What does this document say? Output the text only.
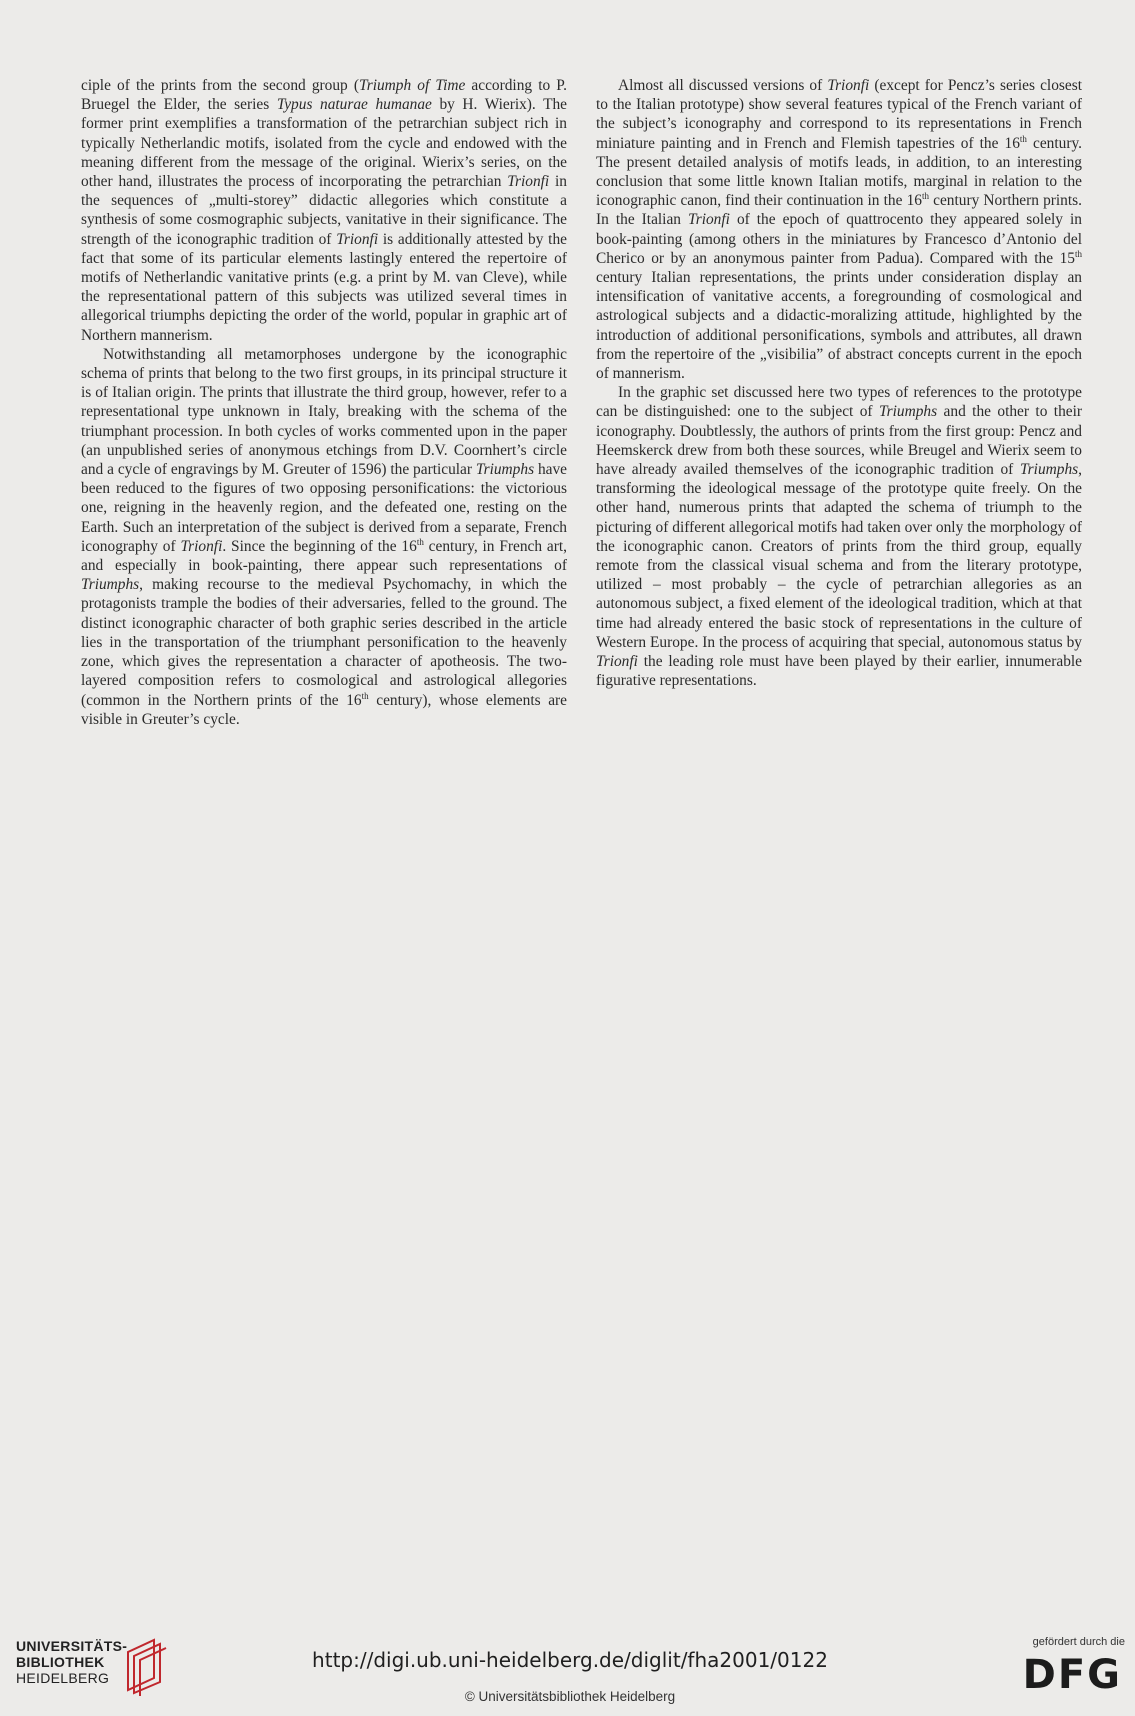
ciple of the prints from the second group (Triumph of Time according to P. Bruegel the Elder, the series Typus naturae humanae by H. Wierix). The former print exemplifies a transformation of the petrarchian subject rich in typically Netherlandic motifs, isolated from the cycle and endowed with the meaning different from the message of the original. Wierix’s series, on the other hand, illustrates the process of incorporating the petrarchian Trionfi in the sequences of „multi-storey” didactic allegories which constitute a synthesis of some cosmographic subjects, vanitative in their significance. The strength of the iconographic tradition of Trionfi is additionally attested by the fact that some of its particular elements lastingly entered the repertoire of motifs of Netherlandic vanitative prints (e.g. a print by M. van Cleve), while the representational pattern of this subjects was utilized several times in allegorical triumphs depicting the order of the world, popular in graphic art of Northern mannerism.

Notwithstanding all metamorphoses undergone by the iconographic schema of prints that belong to the two first groups, in its principal structure it is of Italian origin. The prints that illustrate the third group, however, refer to a representational type unknown in Italy, breaking with the schema of the triumphant procession. In both cycles of works commented upon in the paper (an unpublished series of anonymous etchings from D.V. Coornhert’s circle and a cycle of engravings by M. Greuter of 1596) the particular Triumphs have been reduced to the figures of two opposing personifications: the victorious one, reigning in the heavenly region, and the defeated one, resting on the Earth. Such an interpretation of the subject is derived from a separate, French iconography of Trionfi. Since the beginning of the 16th century, in French art, and especially in book-painting, there appear such representations of Triumphs, making recourse to the medieval Psychomachy, in which the protagonists trample the bodies of their adversaries, felled to the ground. The distinct iconographic character of both graphic series described in the article lies in the transportation of the triumphant personification to the heavenly zone, which gives the representation a character of apotheosis. The two-layered composition refers to cosmological and astrological allegories (common in the Northern prints of the 16th century), whose elements are visible in Greuter’s cycle.

Almost all discussed versions of Trionfi (except for Pencz’s series closest to the Italian prototype) show several features typical of the French variant of the subject’s iconography and correspond to its representations in French miniature painting and in French and Flemish tapestries of the 16th century. The present detailed analysis of motifs leads, in addition, to an interesting conclusion that some little known Italian motifs, marginal in relation to the iconographic canon, find their continuation in the 16th century Northern prints. In the Italian Trionfi of the epoch of quattrocento they appeared solely in book-painting (among others in the miniatures by Francesco d’Antonio del Cherico or by an anonymous painter from Padua). Compared with the 15th century Italian representations, the prints under consideration display an intensification of vanitative accents, a foregrounding of cosmological and astrological subjects and a didactic-moralizing attitude, highlighted by the introduction of additional personifications, symbols and attributes, all drawn from the repertoire of the „visibilia” of abstract concepts current in the epoch of mannerism.

In the graphic set discussed here two types of references to the prototype can be distinguished: one to the subject of Triumphs and the other to their iconography. Doubtlessly, the authors of prints from the first group: Pencz and Heemskerck drew from both these sources, while Breugel and Wierix seem to have already availed themselves of the iconographic tradition of Triumphs, transforming the ideological message of the prototype quite freely. On the other hand, numerous prints that adapted the schema of triumph to the picturing of different allegorical motifs had taken over only the morphology of the iconographic canon. Creators of prints from the third group, equally remote from the classical visual schema and from the literary prototype, utilized – most probably – the cycle of petrarchian allegories as an autonomous subject, a fixed element of the ideological tradition, which at that time had already entered the basic stock of representations in the culture of Western Europe. In the process of acquiring that special, autonomous status by Trionfi the leading role must have been played by their earlier, innumerable figurative representations.

UNIVERSITÄTS-
BIBLIOTHEK
HEIDELBERG
http://digi.ub.uni-heidelberg.de/diglit/fha2001/0122
© Universitätsbibliothek Heidelberg
gefördert durch die
DFG
